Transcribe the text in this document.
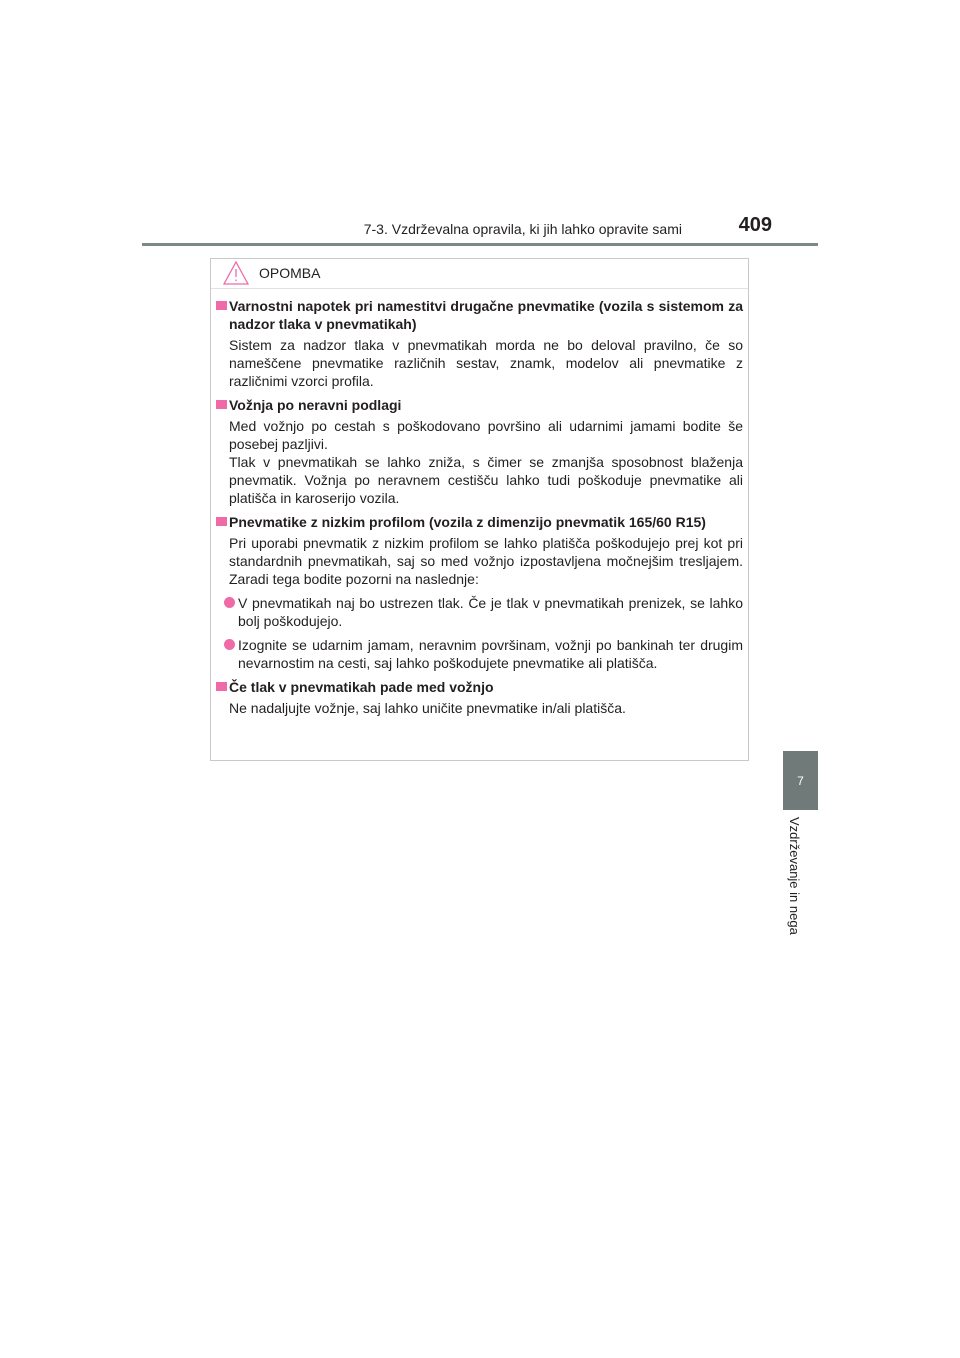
7-3. Vzdrževalna opravila, ki jih lahko opravite sami	409
7
Vzdrževanje in nega
OPOMBA
Varnostni napotek pri namestitvi drugačne pnevmatike (vozila s sistemom za nadzor tlaka v pnevmatikah)
Sistem za nadzor tlaka v pnevmatikah morda ne bo deloval pravilno, če so nameščene pnevmatike različnih sestav, znamk, modelov ali pnevmatike z različnimi vzorci profila.
Vožnja po neravni podlagi
Med vožnjo po cestah s poškodovano površino ali udarnimi jamami bodite še posebej pazljivi.
Tlak v pnevmatikah se lahko zniža, s čimer se zmanjša sposobnost blaženja pnevmatik. Vožnja po neravnem cestišču lahko tudi poškoduje pnevmatike ali platišča in karoserijo vozila.
Pnevmatike z nizkim profilom (vozila z dimenzijo pnevmatik 165/60 R15)
Pri uporabi pnevmatik z nizkim profilom se lahko platišča poškodujejo prej kot pri standardnih pnevmatikah, saj so med vožnjo izpostavljena močnejšim tresljajem. Zaradi tega bodite pozorni na naslednje:
V pnevmatikah naj bo ustrezen tlak. Če je tlak v pnevmatikah prenizek, se lahko bolj poškodujejo.
Izognite se udarnim jamam, neravnim površinam, vožnji po bankinah ter drugim nevarnostim na cesti, saj lahko poškodujete pnevmatike ali platišča.
Če tlak v pnevmatikah pade med vožnjo
Ne nadaljujte vožnje, saj lahko uničite pnevmatike in/ali platišča.
